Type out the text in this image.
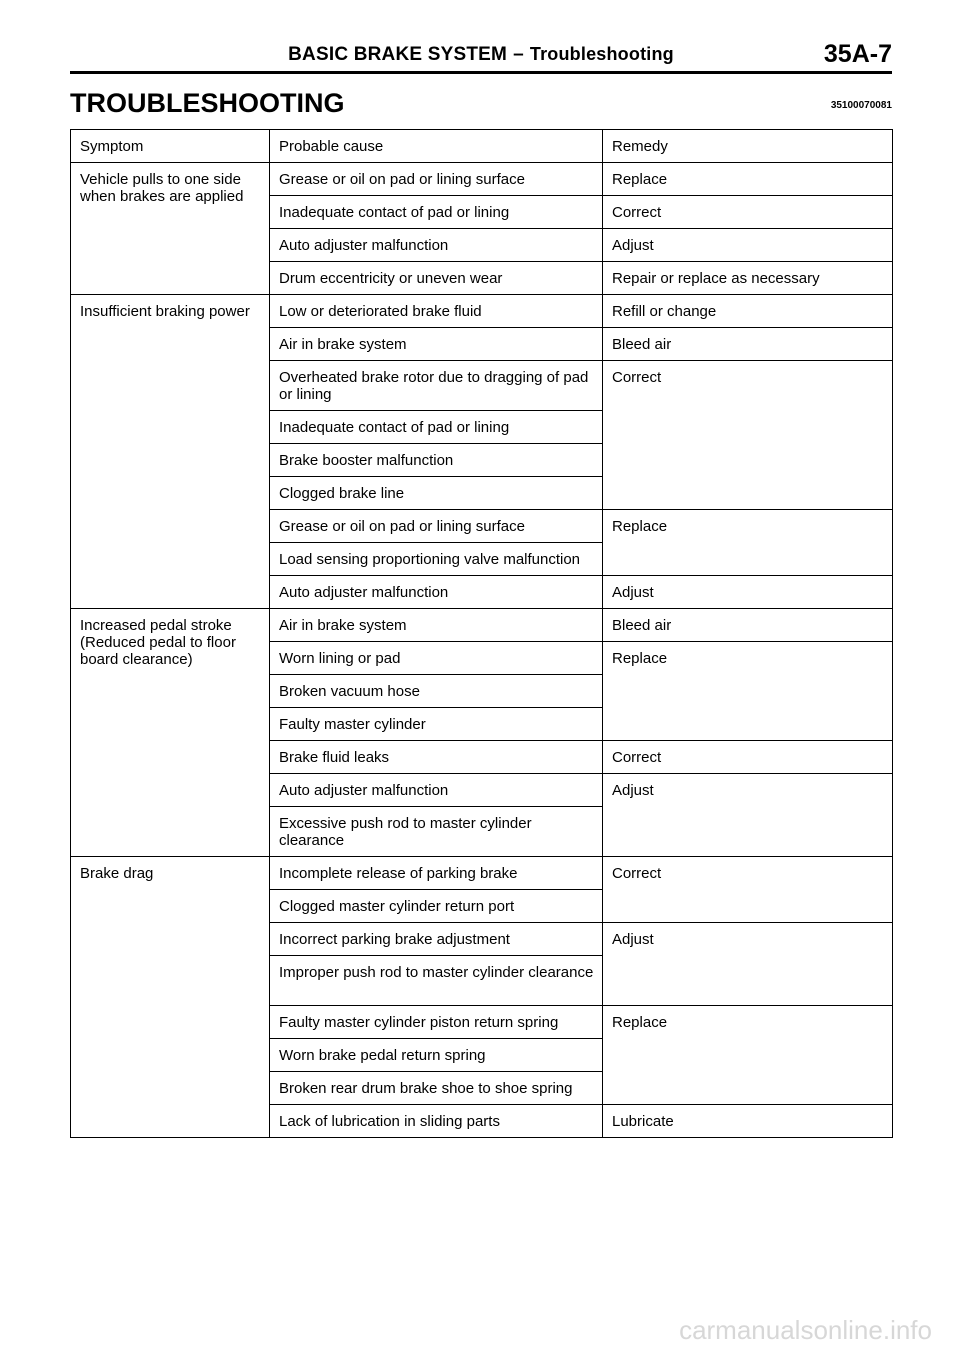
BASIC BRAKE SYSTEM – Troubleshooting	35A-7
TROUBLESHOOTING	35100070081
Symptom	Probable cause	Remedy
Vehicle pulls to one side when brakes are applied	Grease or oil on pad or lining surface	Replace
	Inadequate contact of pad or lining	Correct
	Auto adjuster malfunction	Adjust
	Drum eccentricity or uneven wear	Repair or replace as necessary
Insufficient braking power	Low or deteriorated brake fluid	Refill or change
	Air in brake system	Bleed air
	Overheated brake rotor due to dragging of pad or lining	Correct
	Inadequate contact of pad or lining	
	Brake booster malfunction	
	Clogged brake line	
	Grease or oil on pad or lining surface	Replace
	Load sensing proportioning valve malfunction	
	Auto adjuster malfunction	Adjust
Increased pedal stroke (Reduced pedal to floor board clearance)	Air in brake system	Bleed air
	Worn lining or pad	Replace
	Broken vacuum hose	
	Faulty master cylinder	
	Brake fluid leaks	Correct
	Auto adjuster malfunction	Adjust
	Excessive push rod to master cylinder clearance	
Brake drag	Incomplete release of parking brake	Correct
	Clogged master cylinder return port	
	Incorrect parking brake adjustment	Adjust
	Improper push rod to master cylinder clearance	
	Faulty master cylinder piston return spring	Replace
	Worn brake pedal return spring	
	Broken rear drum brake shoe to shoe spring	
	Lack of lubrication in sliding parts	Lubricate
carmanualsonline.info
